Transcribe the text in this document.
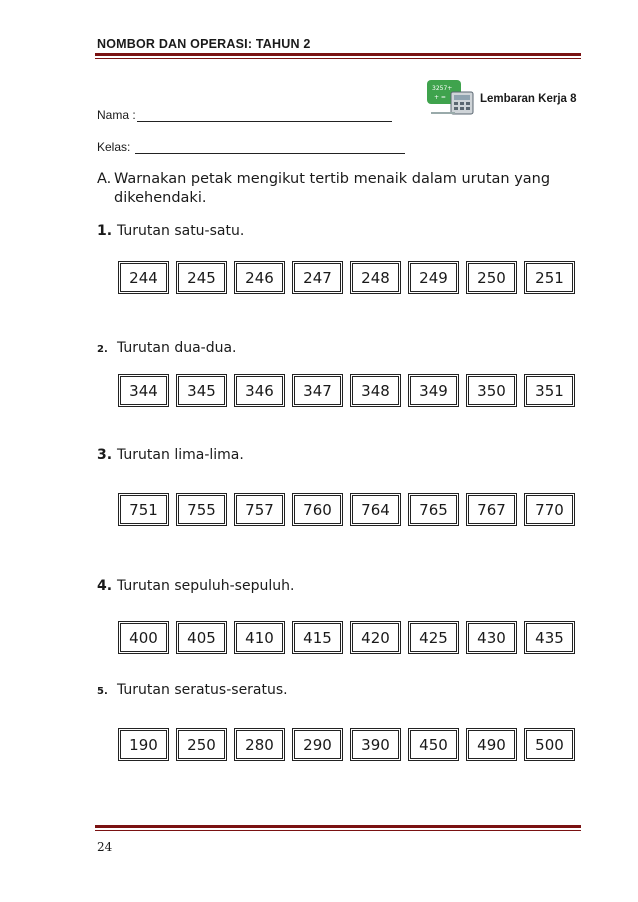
NOMBOR DAN OPERASI: TAHUN 2
3257+
+ =	Lembaran Kerja 8
Nama :
Kelas:
A. Warnakan petak mengikut tertib menaik dalam urutan yang dikehendaki.
1. Turutan satu-satu.
244	245	246	247	248	249	250	251
2. Turutan dua-dua.
344	345	346	347	348	349	350	351
3. Turutan lima-lima.
751	755	757	760	764	765	767	770
4. Turutan sepuluh-sepuluh.
400	405	410	415	420	425	430	435
5. Turutan seratus-seratus.
190	250	280	290	390	450	490	500
24
